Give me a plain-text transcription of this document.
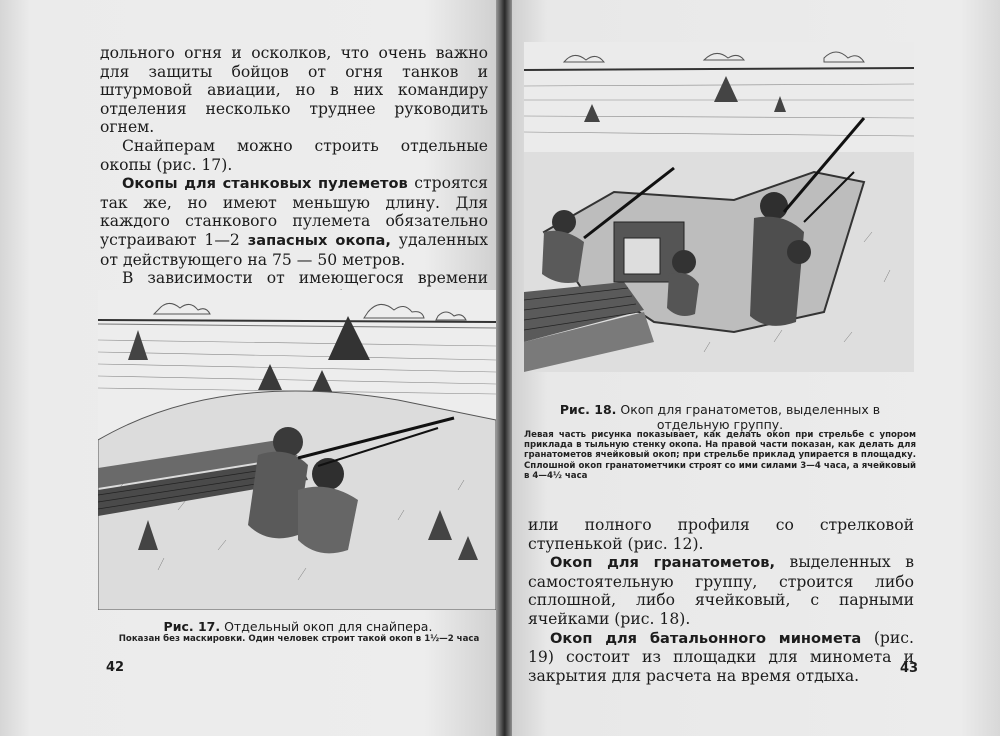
дольного огня и осколков, что очень важно для защиты бойцов от огня танков и штурмовой авиации, но в них командиру отделения несколько труднее руководить огнем.

Снайперам можно строить отдельные окопы (рис. 17).

Окопы для станковых пулеметов строятся так же, но имеют меньшую длину. Для каждого станкового пулемета обязательно устраивают 1—2 запасных окопа, удаленных от действующего на 75 — 50 метров.

В зависимости от имеющегося времени

Рис. 17. Отдельный окоп для снайпера.
Показан без маскировки. Один человек строит такой окоп в 1½—2 часа
42
Рис. 18. Окоп для гранатометов, выделенных в отдельную группу.
Левая часть рисунка показывает, как делать окоп при стрельбе с упором приклада в тыльную стенку окопа. На правой части показан, как делать для гранатометов ячейковый окоп; при стрельбе приклад упирается в площадку. Сплошной окоп гранатометчики строят со ими силами 3—4 часа, а ячейковый в 4—4½ часа

или полного профиля со стрелковой ступенькой (рис. 12).

Окоп для гранатометов, выделенных в самостоятельную группу, строится либо сплошной, либо ячейковый, с парными ячейками (рис. 18).

Окоп для батальонного миномета (рис. 19) состоит из площадки для миномета и закрытия для расчета на время отдыха.	43
